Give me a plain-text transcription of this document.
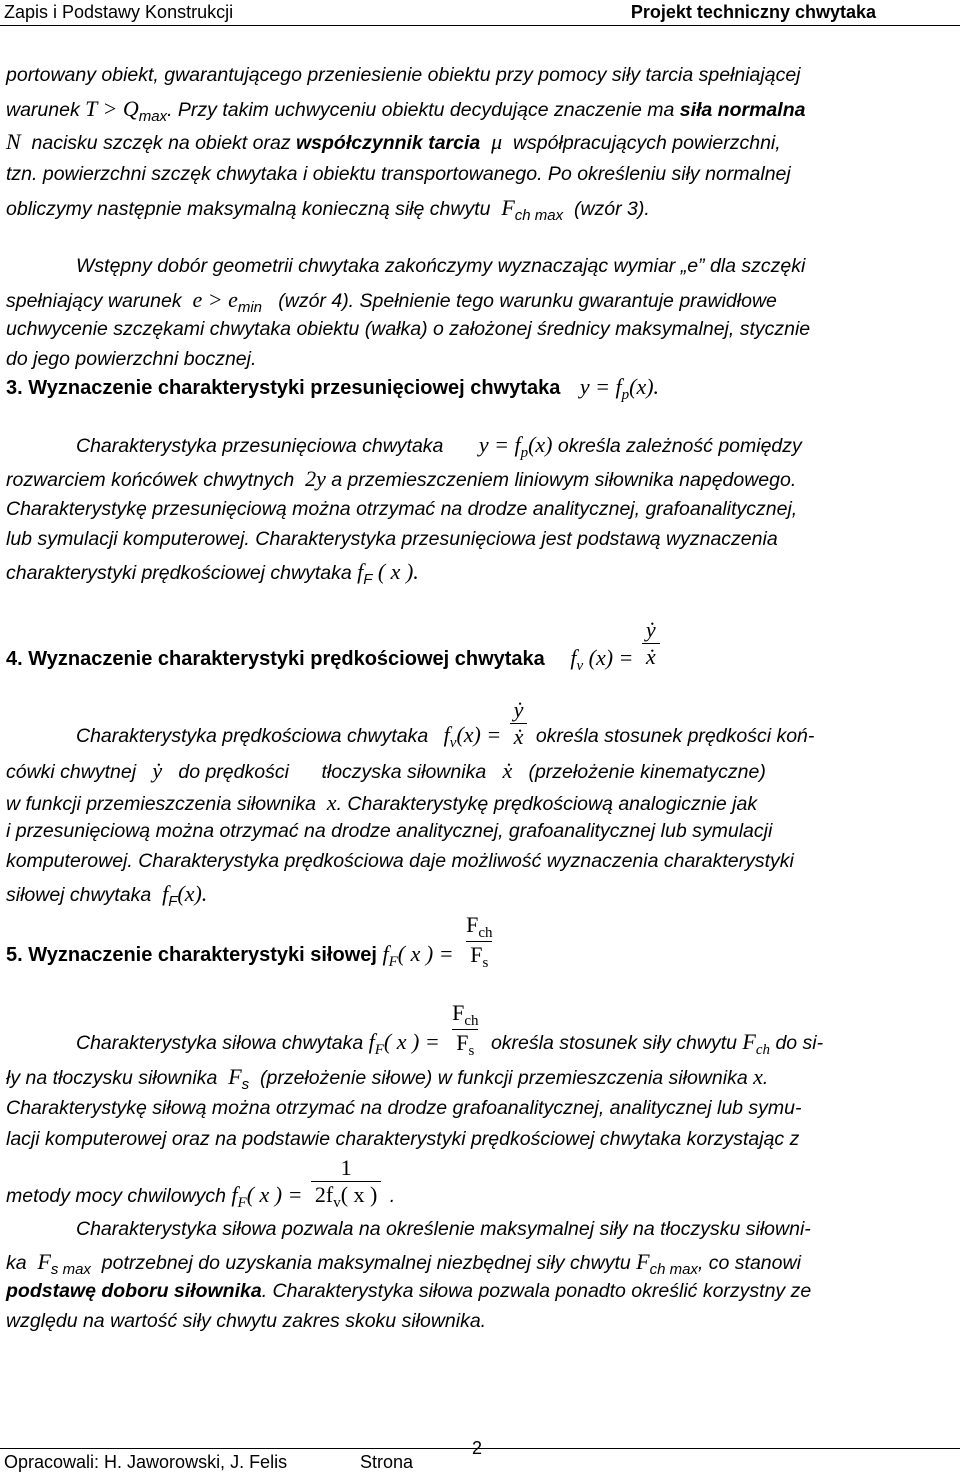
Zapis i Podstawy Konstrukcji	Projekt techniczny chwytaka
portowany obiekt, gwarantującego przeniesienie obiektu przy pomocy siły tarcia spełniającej
warunek $T > Q_{max}$. Przy takim uchwyceniu obiektu decydujące znaczenie ma siła normalna
N nacisku szczęk na obiekt oraz współczynnik tarcia μ współpracujących powierzchni,
tzn. powierzchni szczęk chwytaka i obiektu transportowanego. Po określeniu siły normalnej
obliczymy następnie maksymalną konieczną siłę chwytu $F_{ch max}$ (wzór 3).
Wstępny dobór geometrii chwytaka zakończymy wyznaczając wymiar „e” dla szczęki
spełniający warunek $e > e_{min}$ (wzór 4). Spełnienie tego warunku gwarantuje prawidłowe
uchwycenie szczękami chwytaka obiektu (wałka) o założonej średnicy maksymalnej, stycznie
do jego powierzchni bocznej.
3. Wyznaczenie charakterystyki przesunięciowej chwytaka $y = f_p(x)$.
Charakterystyka przesunięciowa chwytaka $y = f_p(x)$ określa zależność pomiędzy
rozwarciem końcówek chwytnych 2y a przemieszczeniem liniowym siłownika napędowego.
Charakterystykę przesunięciową można otrzymać na drodze analitycznej, grafoanalitycznej,
lub symulacji komputerowej. Charakterystyka przesunięciowa jest podstawą wyznaczenia
charakterystyki prędkościowej chwytaka $f_F$ ( x ).
4. Wyznaczenie charakterystyki prędkościowej chwytaka $f_v$ $(x) = \frac{\text{ẏ}}{\text{ẋ}}$
Charakterystyka prędkościowa chwytaka $f_v(x) = \frac{\text{ẏ}}{\text{ẋ}}$ określa stosunek prędkości koń-
cówki chwytnej ẏ do prędkości tłoczyska siłownika ẋ (przełożenie kinematyczne)
w funkcji przemieszczenia siłownika x. Charakterystykę prędkościową analogicznie jak
i przesunięciową można otrzymać na drodze analitycznej, grafoanalitycznej lub symulacji
komputerowej. Charakterystyka prędkościowa daje możliwość wyznaczenia charakterystyki
siłowej chwytaka $f_F(x)$.
5. Wyznaczenie charakterystyki siłowej $f_F$( x ) = $\frac{F_{ch}}{F_s}$
Charakterystyka siłowa chwytaka $f_F$( x ) = $\frac{F_{ch}}{F_s}$ określa stosunek siły chwytu $F_{ch}$ do si-
ły na tłoczysku siłownika $F_s$ (przełożenie siłowe) w funkcji przemieszczenia siłownika x.
Charakterystykę siłową można otrzymać na drodze grafoanalitycznej, analitycznej lub symu-
lacji komputerowej oraz na podstawie charakterystyki prędkościowej chwytaka korzystając z
metody mocy chwilowych $f_F$( x ) = $\frac{1}{2f_v( x )}$ .
Charakterystyka siłowa pozwala na określenie maksymalnej siły na tłoczysku siłowni-
ka $F_{s max}$ potrzebnej do uzyskania maksymalnej niezbędnej siły chwytu $F_{ch max}$, co stanowi
podstawę doboru siłownika. Charakterystyka siłowa pozwala ponadto określić korzystny ze
względu na wartość siły chwytu zakres skoku siłownika.
Opracowali: H. Jaworowski, J. Felis	Strona
2
